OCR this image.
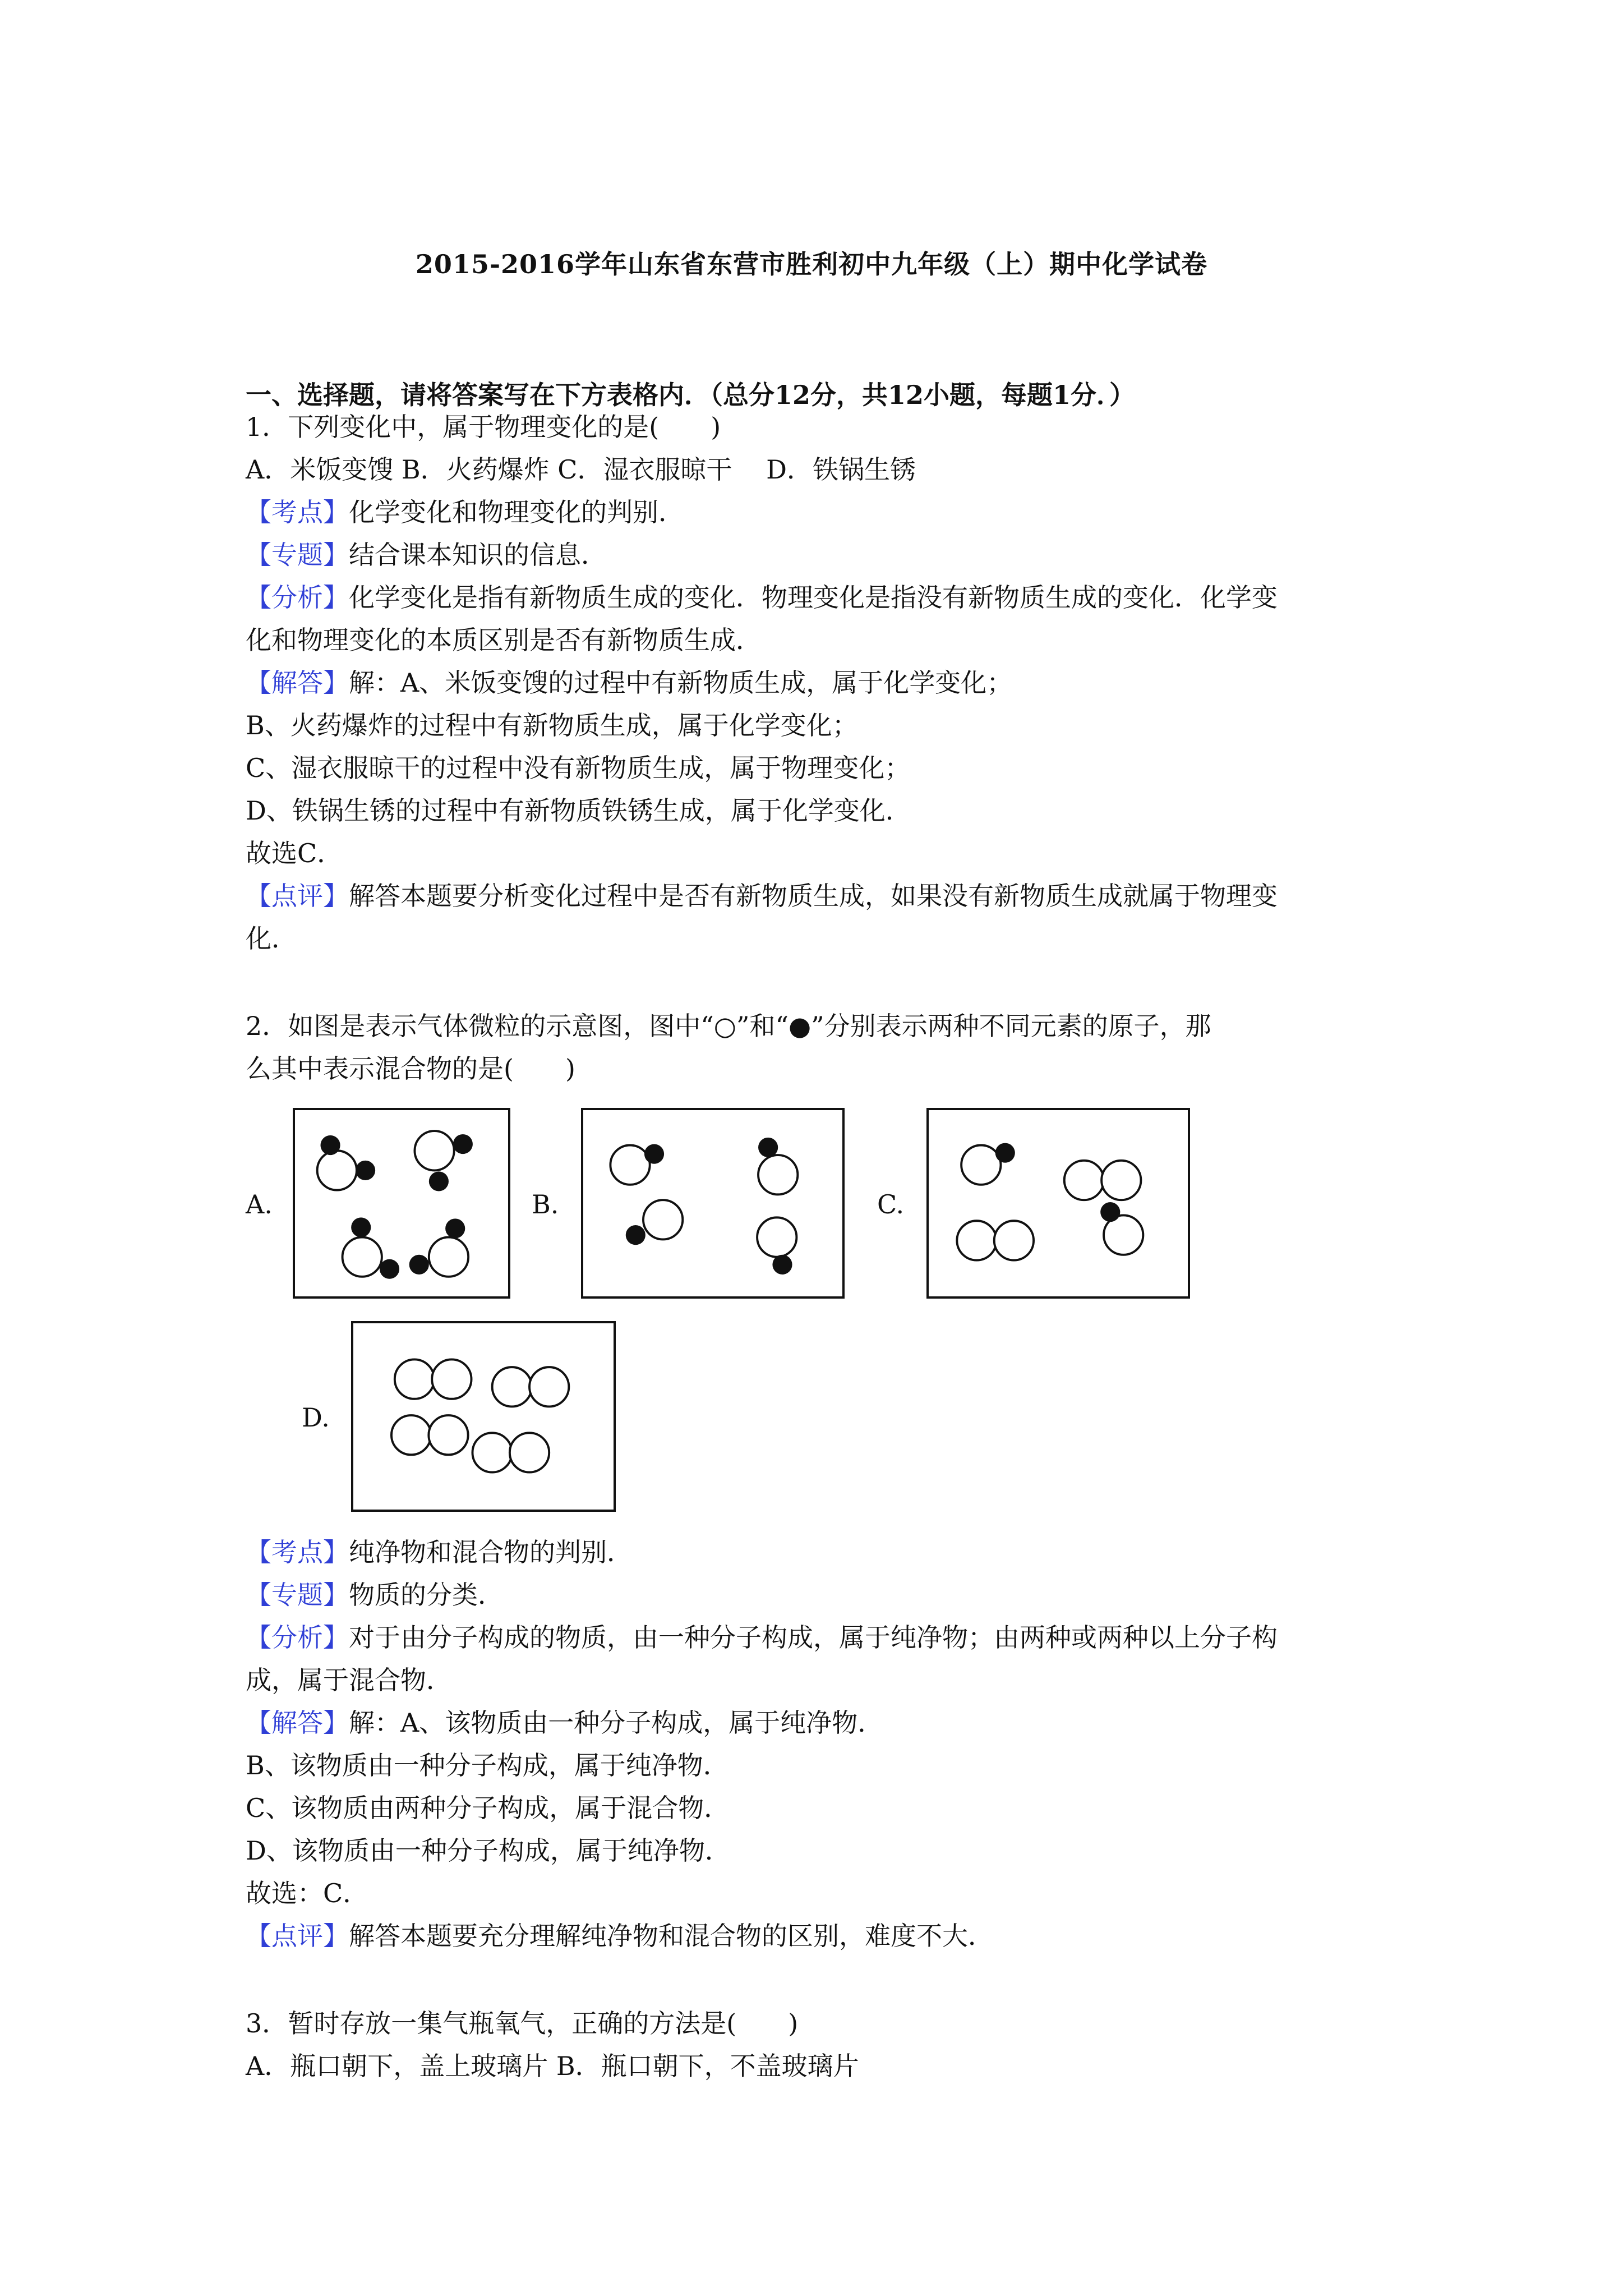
2015-2016学年山东省东营市胜利初中九年级（上）期中化学试卷
一、选择题，请将答案写在下方表格内．（总分12分，共12小题，每题1分．）
1．下列变化中，属于物理变化的是(　　)
A．米饭变馊 B．火药爆炸 C．湿衣服晾干　 D．铁锅生锈
【考点】化学变化和物理变化的判别．
【专题】结合课本知识的信息．
【分析】化学变化是指有新物质生成的变化．物理变化是指没有新物质生成的变化．化学变
化和物理变化的本质区别是否有新物质生成．
【解答】解：A、米饭变馊的过程中有新物质生成，属于化学变化；
B、火药爆炸的过程中有新物质生成，属于化学变化；
C、湿衣服晾干的过程中没有新物质生成，属于物理变化；
D、铁锅生锈的过程中有新物质铁锈生成，属于化学变化．
故选C．
【点评】解答本题要分析变化过程中是否有新物质生成，如果没有新物质生成就属于物理变
化．
2．如图是表示气体微粒的示意图，图中“○”和“●”分别表示两种不同元素的原子，那
么其中表示混合物的是(　　)
A.	B.	C.
D.
【考点】纯净物和混合物的判别．
【专题】物质的分类．
【分析】对于由分子构成的物质，由一种分子构成，属于纯净物；由两种或两种以上分子构
成，属于混合物．
【解答】解：A、该物质由一种分子构成，属于纯净物．
B、该物质由一种分子构成，属于纯净物．
C、该物质由两种分子构成，属于混合物．
D、该物质由一种分子构成，属于纯净物．
故选：C．
【点评】解答本题要充分理解纯净物和混合物的区别，难度不大．
3．暂时存放一集气瓶氧气，正确的方法是(　　)
A．瓶口朝下，盖上玻璃片 B．瓶口朝下，不盖玻璃片
